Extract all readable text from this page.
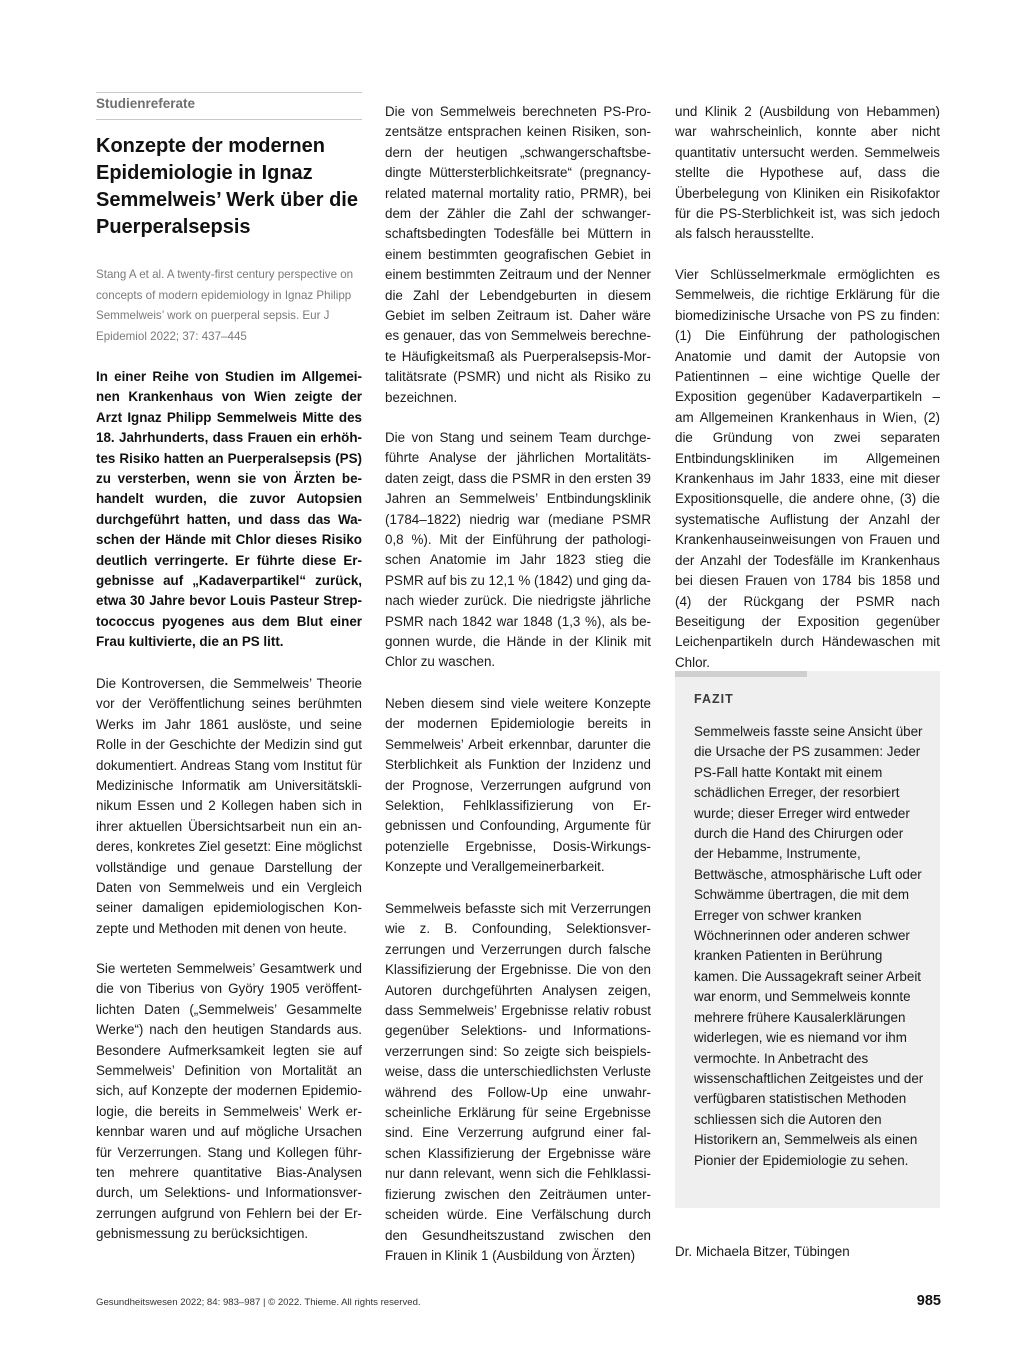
Studienreferate
Konzepte der modernen Epidemiologie in Ignaz Semmelweis’ Werk über die Puerperalsepsis

Stang A et al. A twenty-first century perspective on concepts of modern epidemiology in Ignaz Philipp Semmelweis’ work on puerperal sepsis. Eur J Epidemiol 2022; 37: 437–445

In einer Reihe von Studien im Allgemeinen Krankenhaus von Wien zeigte der Arzt Ignaz Philipp Semmelweis Mitte des 18. Jahrhunderts, dass Frauen ein erhöhtes Risiko hatten an Puerperalsepsis (PS) zu versterben, wenn sie von Ärzten behandelt wurden, die zuvor Autopsien durchgeführt hatten, und dass das Waschen der Hände mit Chlor dieses Risiko deutlich verringerte. Er führte diese Ergebnisse auf „Kadaverpartikel“ zurück, etwa 30 Jahre bevor Louis Pasteur Streptococcus pyogenes aus dem Blut einer Frau kultivierte, die an PS litt.

Die Kontroversen, die Semmelweis’ Theorie vor der Veröffentlichung seines berühmten Werks im Jahr 1861 auslöste, und seine Rolle in der Geschichte der Medizin sind gut dokumentiert. Andreas Stang vom Institut für Medizinische Informatik am Universitätsklinikum Essen und 2 Kollegen haben sich in ihrer aktuellen Übersichtsarbeit nun ein anderes, konkretes Ziel gesetzt: Eine möglichst vollständige und genaue Darstellung der Daten von Semmelweis und ein Vergleich seiner damaligen epidemiologischen Konzepte und Methoden mit denen von heute.

Sie werteten Semmelweis’ Gesamtwerk und die von Tiberius von Györy 1905 veröffentlichten Daten („Semmelweis’ Gesammelte Werke“) nach den heutigen Standards aus. Besondere Aufmerksamkeit legten sie auf Semmelweis’ Definition von Mortalität an sich, auf Konzepte der modernen Epidemiologie, die bereits in Semmelweis’ Werk erkennbar waren und auf mögliche Ursachen für Verzerrungen. Stang und Kollegen führten mehrere quantitative Bias-Analysen durch, um Selektions- und Informationsverzerrungen aufgrund von Fehlern bei der Ergebnismessung zu berücksichtigen.

Die von Semmelweis berechneten PS-Prozentsätze entsprachen keinen Risiken, sondern der heutigen „schwangerschaftsbedingte Müttersterblichkeitsrate“ (pregnancy-related maternal mortality ratio, PRMR), bei dem der Zähler die Zahl der schwangerschaftsbedingten Todesfälle bei Müttern in einem bestimmten geografischen Gebiet in einem bestimmten Zeitraum und der Nenner die Zahl der Lebendgeburten in diesem Gebiet im selben Zeitraum ist. Daher wäre es genauer, das von Semmelweis berechnete Häufigkeitsmaß als Puerperalsepsis-Mortalitätsrate (PSMR) und nicht als Risiko zu bezeichnen.

Die von Stang und seinem Team durchgeführte Analyse der jährlichen Mortalitätsdaten zeigt, dass die PSMR in den ersten 39 Jahren an Semmelweis’ Entbindungsklinik (1784–1822) niedrig war (mediane PSMR 0,8 %). Mit der Einführung der pathologischen Anatomie im Jahr 1823 stieg die PSMR auf bis zu 12,1 % (1842) und ging danach wieder zurück. Die niedrigste jährliche PSMR nach 1842 war 1848 (1,3 %), als begonnen wurde, die Hände in der Klinik mit Chlor zu waschen.

Neben diesem sind viele weitere Konzepte der modernen Epidemiologie bereits in Semmelweis’ Arbeit erkennbar, darunter die Sterblichkeit als Funktion der Inzidenz und der Prognose, Verzerrungen aufgrund von Selektion, Fehlklassifizierung von Ergebnissen und Confounding, Argumente für potenzielle Ergebnisse, Dosis-Wirkungs-Konzepte und Verallgemeinerbarkeit.

Semmelweis befasste sich mit Verzerrungen wie z. B. Confounding, Selektionsverzerrungen und Verzerrungen durch falsche Klassifizierung der Ergebnisse. Die von den Autoren durchgeführten Analysen zeigen, dass Semmelweis’ Ergebnisse relativ robust gegenüber Selektions- und Informationsverzerrungen sind: So zeigte sich beispielsweise, dass die unterschiedlichsten Verluste während des Follow-Up eine unwahrscheinliche Erklärung für seine Ergebnisse sind. Eine Verzerrung aufgrund einer falschen Klassifizierung der Ergebnisse wäre nur dann relevant, wenn sich die Fehlklassifizierung zwischen den Zeiträumen unterscheiden würde. Eine Verfälschung durch den Gesundheitszustand zwischen den Frauen in Klinik 1 (Ausbildung von Ärzten)

und Klinik 2 (Ausbildung von Hebammen) war wahrscheinlich, konnte aber nicht quantitativ untersucht werden. Semmelweis stellte die Hypothese auf, dass die Überbelegung von Kliniken ein Risikofaktor für die PS-Sterblichkeit ist, was sich jedoch als falsch herausstellte.

Vier Schlüsselmerkmale ermöglichten es Semmelweis, die richtige Erklärung für die biomedizinische Ursache von PS zu finden: (1) Die Einführung der pathologischen Anatomie und damit der Autopsie von Patientinnen – eine wichtige Quelle der Exposition gegenüber Kadaverpartikeln – am Allgemeinen Krankenhaus in Wien, (2) die Gründung von zwei separaten Entbindungskliniken im Allgemeinen Krankenhaus im Jahr 1833, eine mit dieser Expositionsquelle, die andere ohne, (3) die systematische Auflistung der Anzahl der Krankenhauseinweisungen von Frauen und der Anzahl der Todesfälle im Krankenhaus bei diesen Frauen von 1784 bis 1858 und (4) der Rückgang der PSMR nach Beseitigung der Exposition gegenüber Leichenpartikeln durch Händewaschen mit Chlor.

FAZIT

Semmelweis fasste seine Ansicht über die Ursache der PS zusammen: Jeder PS-Fall hatte Kontakt mit einem schädlichen Erreger, der resorbiert wurde; dieser Erreger wird entweder durch die Hand des Chirurgen oder der Hebamme, Instrumente, Bettwäsche, atmosphärische Luft oder Schwämme übertragen, die mit dem Erreger von schwer kranken Wöchnerinnen oder anderen schwer kranken Patienten in Berührung kamen. Die Aussagekraft seiner Arbeit war enorm, und Semmelweis konnte mehrere frühere Kausalerklärungen widerlegen, wie es niemand vor ihm vermochte. In Anbetracht des wissenschaftlichen Zeitgeistes und der verfügbaren statistischen Methoden schliessen sich die Autoren den Historikern an, Semmelweis als einen Pionier der Epidemiologie zu sehen.

Dr. Michaela Bitzer, Tübingen
Gesundheitswesen 2022; 84: 983–987 | © 2022. Thieme. All rights reserved.	985
